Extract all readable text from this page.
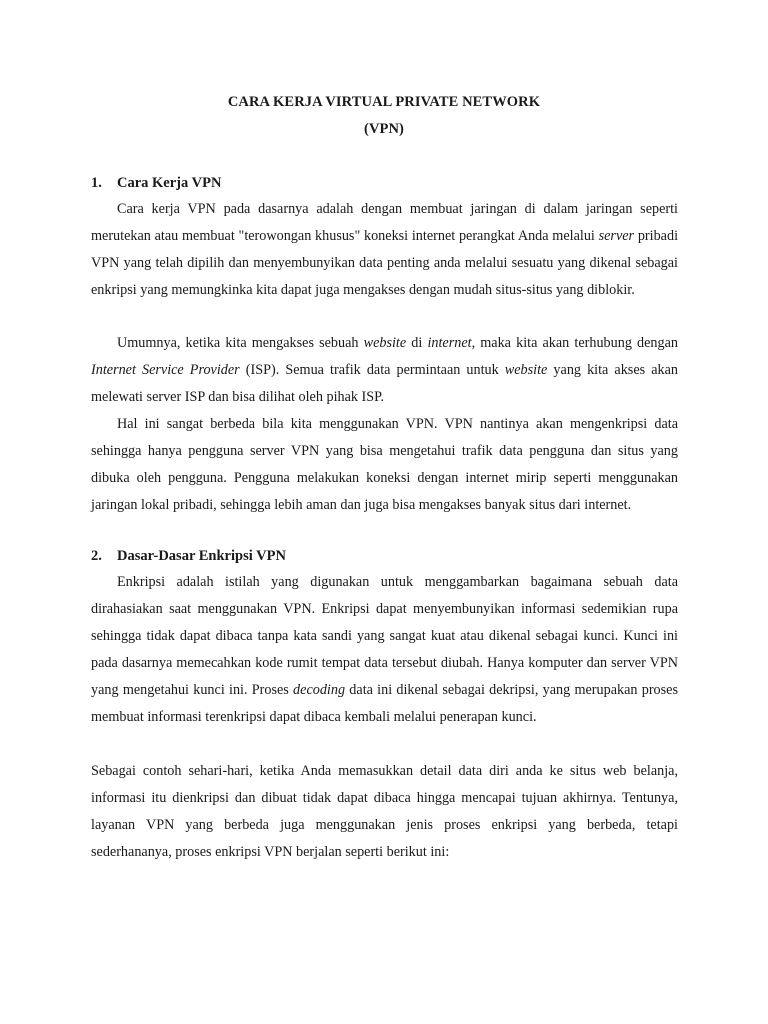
CARA KERJA VIRTUAL PRIVATE NETWORK
(VPN)
1. Cara Kerja VPN

Cara kerja VPN pada dasarnya adalah dengan membuat jaringan di dalam jaringan seperti merutekan atau membuat "terowongan khusus" koneksi internet perangkat Anda melalui server pribadi VPN yang telah dipilih dan menyembunyikan data penting anda melalui sesuatu yang dikenal sebagai enkripsi yang memungkinka kita dapat juga mengakses dengan mudah situs-situs yang diblokir.

Umumnya, ketika kita mengakses sebuah website di internet, maka kita akan terhubung dengan Internet Service Provider (ISP). Semua trafik data permintaan untuk website yang kita akses akan melewati server ISP dan bisa dilihat oleh pihak ISP.

Hal ini sangat berbeda bila kita menggunakan VPN. VPN nantinya akan mengenkripsi data sehingga hanya pengguna server VPN yang bisa mengetahui trafik data pengguna dan situs yang dibuka oleh pengguna. Pengguna melakukan koneksi dengan internet mirip seperti menggunakan jaringan lokal pribadi, sehingga lebih aman dan juga bisa mengakses banyak situs dari internet.

2. Dasar-Dasar Enkripsi VPN

Enkripsi adalah istilah yang digunakan untuk menggambarkan bagaimana sebuah data dirahasiakan saat menggunakan VPN. Enkripsi dapat menyembunyikan informasi sedemikian rupa sehingga tidak dapat dibaca tanpa kata sandi yang sangat kuat atau dikenal sebagai kunci. Kunci ini pada dasarnya memecahkan kode rumit tempat data tersebut diubah. Hanya komputer dan server VPN yang mengetahui kunci ini. Proses decoding data ini dikenal sebagai dekripsi, yang merupakan proses membuat informasi terenkripsi dapat dibaca kembali melalui penerapan kunci.

Sebagai contoh sehari-hari, ketika Anda memasukkan detail data diri anda ke situs web belanja, informasi itu dienkripsi dan dibuat tidak dapat dibaca hingga mencapai tujuan akhirnya. Tentunya, layanan VPN yang berbeda juga menggunakan jenis proses enkripsi yang berbeda, tetapi sederhananya, proses enkripsi VPN berjalan seperti berikut ini:
